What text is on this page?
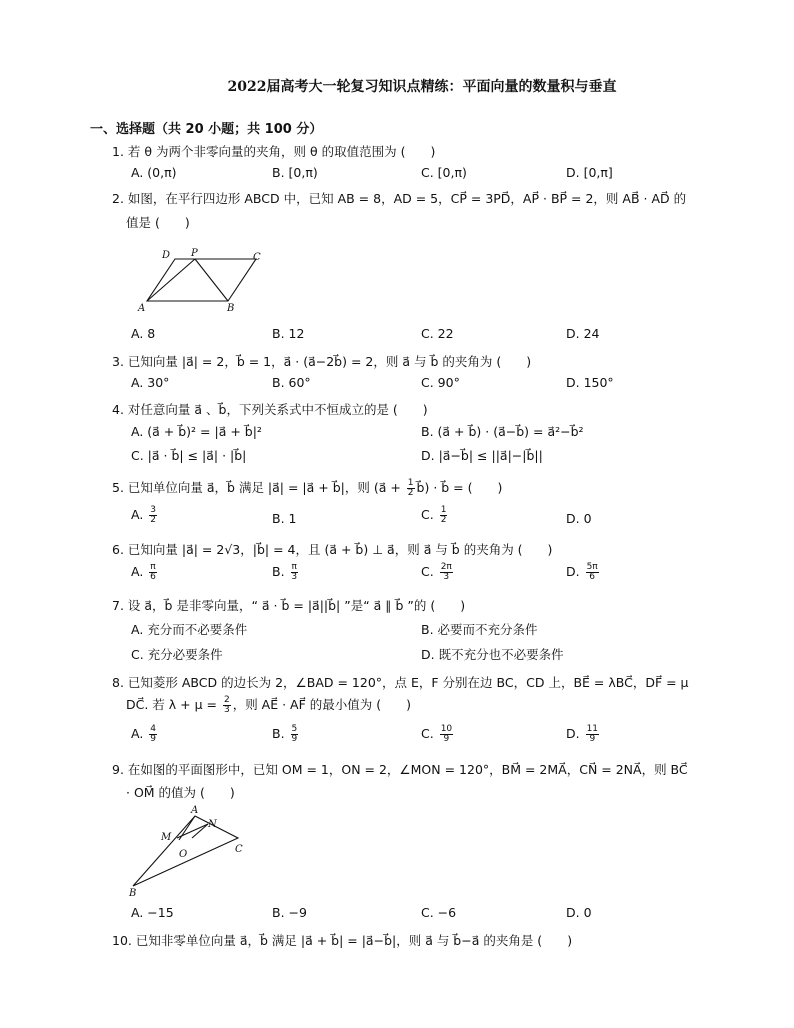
2022届高考大一轮复习知识点精练：平面向量的数量积与垂直
一、选择题（共 20 小题；共 100 分）
1. 若 θ 为两个非零向量的夹角，则 θ 的取值范围为 (　　)
A. (0,π)	B. [0,π)	C. [0,π)	D. [0,π]
2. 如图，在平行四边形 ABCD 中，已知 AB = 8，AD = 5，CP⃗ = 3PD⃗，AP⃗ · BP⃗ = 2，则 AB⃗ · AD⃗ 的
值是 (　　)
D P	C
A	B
A. 8	B. 12	C. 22	D. 24
3. 已知向量 |a⃗| = 2，b⃗ = 1，a⃗ · (a⃗−2b⃗) = 2，则 a⃗ 与 b⃗ 的夹角为 (　　)
A. 30°	B. 60°	C. 90°	D. 150°
4. 对任意向量 a⃗ 、b⃗，下列关系式中不恒成立的是 (　　)
A. (a⃗ + b⃗)² = |a⃗ + b⃗|²	B. (a⃗ + b⃗) · (a⃗−b⃗) = a⃗²−b⃗²
C. |a⃗ · b⃗| ≤ |a⃗| · |b⃗|	D. |a⃗−b⃗| ≤ ||a⃗|−|b⃗||
5. 已知单位向量 a⃗，b⃗ 满足 |a⃗| = |a⃗ + b⃗|，则 (a⃗ + $\frac{1}{2}$ b⃗) · b⃗ = (　　)
A. $\frac{3}{2}$	B. 1	C. $\frac{1}{2}$	D. 0
6. 已知向量 |a⃗| = 2√3，|b⃗| = 4，且 (a⃗ + b⃗) ⊥ a⃗，则 a⃗ 与 b⃗ 的夹角为 (　　)
A. $\frac{\pi}{6}$	B. $\frac{\pi}{3}$	C. $\frac{2\pi}{3}$	D. $\frac{5\pi}{6}$
7. 设 a⃗，b⃗ 是非零向量，“ a⃗ · b⃗ = |a⃗||b⃗| ”是“ a⃗ ∥ b⃗ ”的 (　　)
A. 充分而不必要条件	B. 必要而不充分条件
C. 充分必要条件	D. 既不充分也不必要条件
8. 已知菱形 ABCD 的边长为 2，∠BAD = 120°，点 E，F 分别在边 BC，CD 上，BE⃗ = λBC⃗，DF⃗ = μ
DC⃗. 若 $\lambda + \mu = \frac{2}{3}$ ，则 AE⃗ · AF⃗ 的最小值为 (　　)
A. $\frac{4}{9}$	B. $\frac{5}{9}$	C. $\frac{10}{9}$	D. $\frac{11}{9}$
9. 在如图的平面图形中，已知 OM = 1，ON = 2，∠MON = 120°，BM⃗ = 2MA⃗，CN⃗ = 2NA⃗，则 BC⃗
· OM⃗ 的值为 (　　)
A
N
M
O	C
B
A. −15	B. −9	C. −6	D. 0
10. 已知非零单位向量 a⃗，b⃗ 满足 |a⃗ + b⃗| = |a⃗−b⃗|，则 a⃗ 与 b⃗−a⃗ 的夹角是 (　　)
